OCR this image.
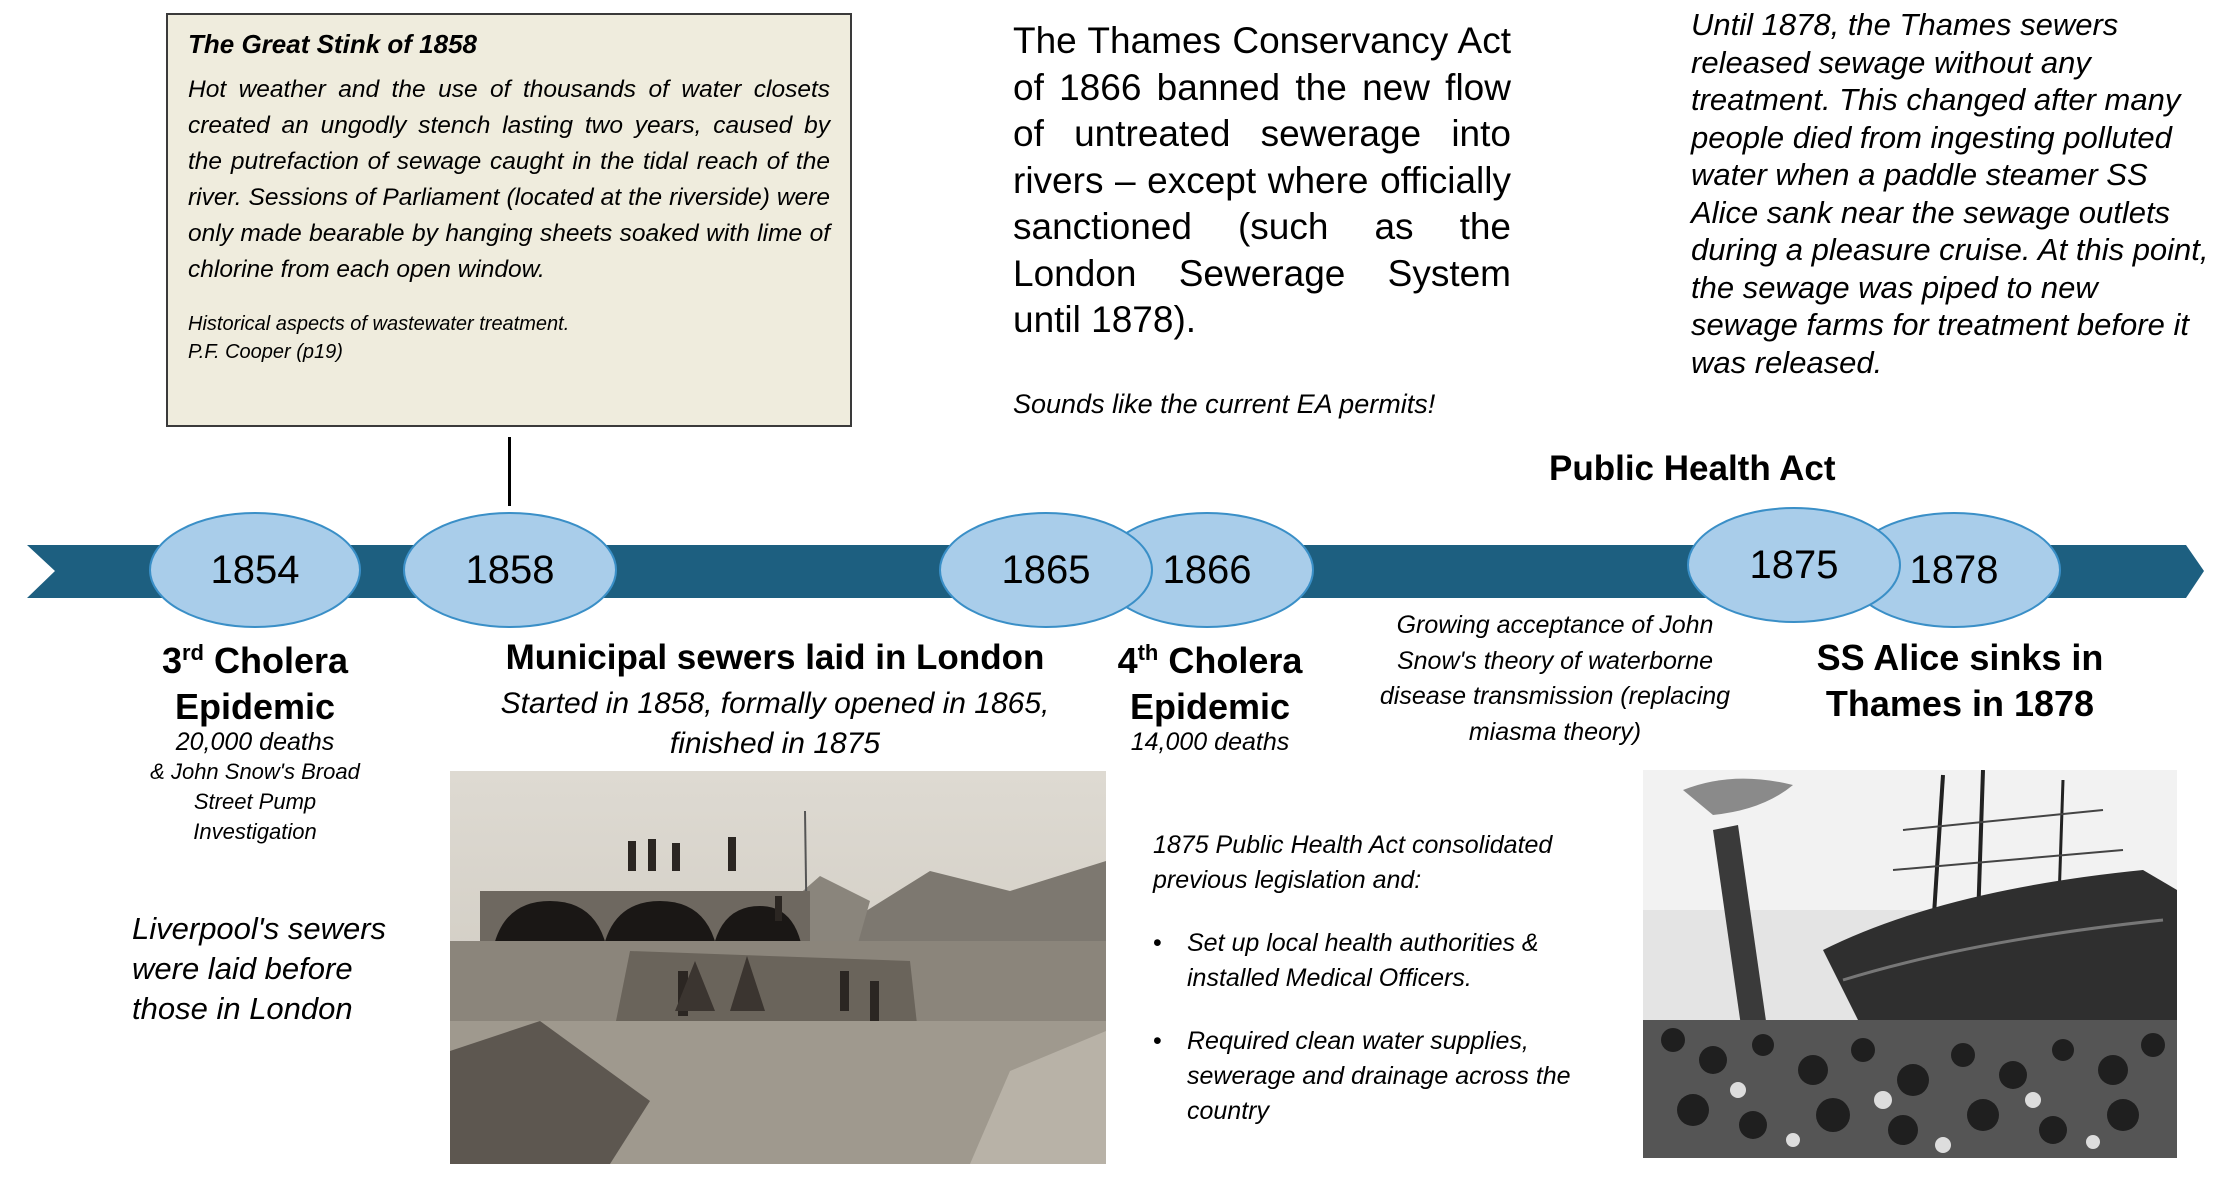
The Great Stink of 1858

Hot weather and the use of thousands of water closets created an ungodly stench lasting two years, caused by the putrefaction of sewage caught in the tidal reach of the river. Sessions of Parliament (located at the riverside) were only made bearable by hanging sheets soaked with lime of chlorine from each open window.

Historical aspects of wastewater treatment.
P.F. Cooper (p19)
The Thames Conservancy Act of 1866 banned the new flow of untreated sewerage into rivers – except where officially sanctioned (such as the London Sewerage System until 1878).
Sounds like the current EA permits!
Until 1878, the Thames sewers released sewage without any treatment. This changed after many people died from ingesting polluted water when a paddle steamer SS Alice sank near the sewage outlets during a pleasure cruise. At this point, the sewage was piped to new sewage farms for treatment before it was released.
Public Health Act
1854	1858	1865	1866	1875	1878
3rd Cholera
Epidemic
20,000 deaths
& John Snow's Broad Street Pump Investigation
Liverpool's sewers were laid before those in London
Municipal sewers laid in London
Started in 1858, formally opened in 1865, finished in 1875
4th Cholera
Epidemic
14,000 deaths
Growing acceptance of John Snow's theory of waterborne disease transmission (replacing miasma theory)
SS Alice sinks in Thames in 1878

1875 Public Health Act consolidated previous legislation and:

• Set up local health authorities & installed Medical Officers.
• Required clean water supplies, sewerage and drainage across the country
